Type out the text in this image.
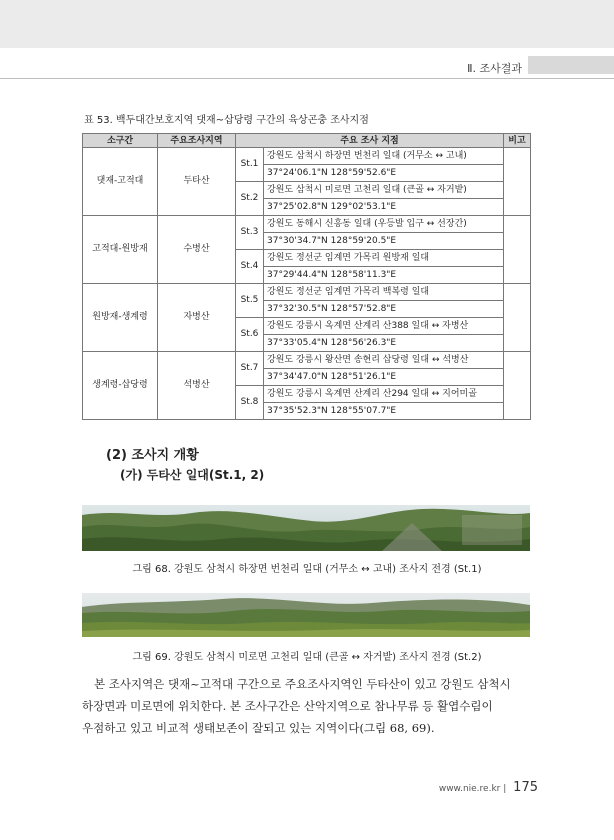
Ⅱ. 조사결과
표 53. 백두대간보호지역 댓재~삽당령 구간의 육상곤충 조사지점
소구간	주요조사지역	주요 조사 지점		비고
댓재-고적대	두타산	St.1	강원도 삼척시 하장면 번천리 일대 (거무소 ↔ 고내)	
			37°24'06.1"N 128°59'52.6"E	
		St.2	강원도 삼척시 미로면 고천리 일대 (큰골 ↔ 자거밭)	
			37°25'02.8"N 129°02'53.1"E	
고적대-원방재	수병산	St.3	강원도 동해시 신흥동 일대 (우등발 입구 ↔ 선장간)	
			37°30'34.7"N 128°59'20.5"E	
		St.4	강원도 정선군 임계면 가목리 원방재 일대	
			37°29'44.4"N 128°58'11.3"E	
원방재-생계령	자병산	St.5	강원도 정선군 임계면 가목리 백복령 일대	
			37°32'30.5"N 128°57'52.8"E	
		St.6	강원도 강릉시 옥계면 산계리 산388 일대 ↔ 자병산	
			37°33'05.4"N 128°56'26.3"E	
생계령-삽당령	석병산	St.7	강원도 강릉시 왕산면 송현리 삽당령 일대 ↔ 석병산	
			37°34'47.0"N 128°51'26.1"E	
		St.8	강원도 강릉시 옥계면 산계리 산294 일대 ↔ 지어미골	
			37°35'52.3"N 128°55'07.7"E	
(2) 조사지 개황
(가) 두타산 일대(St.1, 2)
그림 68. 강원도 삼척시 하장면 번천리 일대 (거무소 ↔ 고내) 조사지 전경 (St.1)
그림 69. 강원도 삼척시 미로면 고천리 일대 (큰골 ↔ 자거밭) 조사지 전경 (St.2)
본 조사지역은 댓재~고적대 구간으로 주요조사지역인 두타산이 있고 강원도 삼척시
하장면과 미로면에 위치한다. 본 조사구간은 산악지역으로 참나무류 등 활엽수림이
우점하고 있고 비교적 생태보존이 잘되고 있는 지역이다(그림 68, 69).
www.nie.re.kr | 175
